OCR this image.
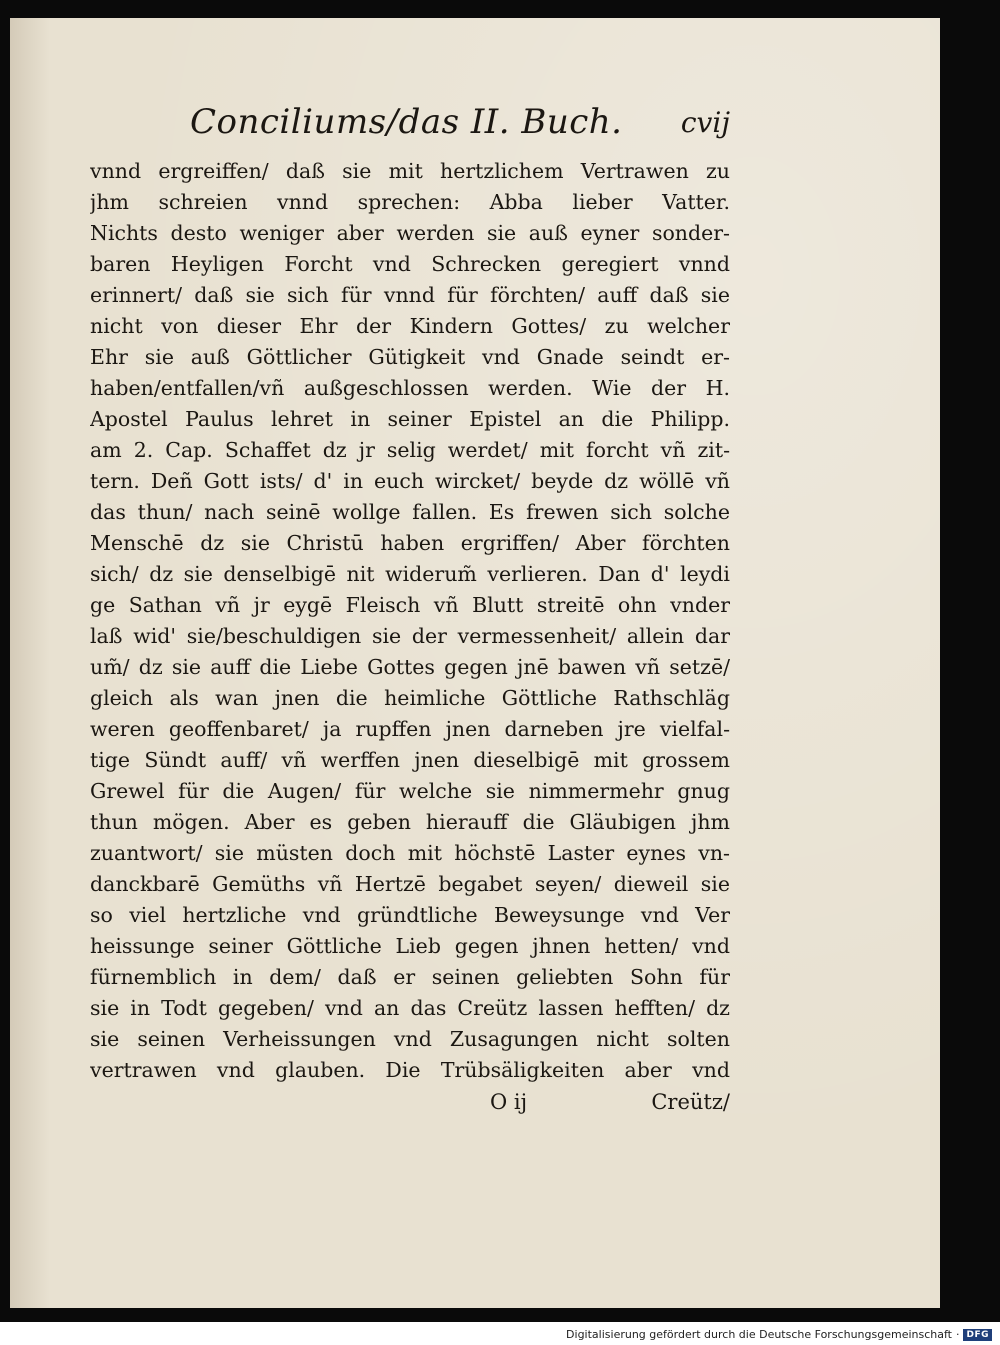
Conciliums/das II. Buch. cvij
vnnd ergreiffen/ daß sie mit hertzlichem Vertrawen zu
jhm schreien vnnd sprechen: Abba lieber Vatter.
Nichts desto weniger aber werden sie auß eyner sonder-
baren Heyligen Forcht vnd Schrecken geregiert vnnd
erinnert/ daß sie sich für vnnd für förchten/ auff daß sie
nicht von dieser Ehr der Kindern Gottes/ zu welcher
Ehr sie auß Göttlicher Gütigkeit vnd Gnade seindt er-
haben/entfallen/vñ außgeschlossen werden. Wie der H.
Apostel Paulus lehret in seiner Epistel an die Philipp.
am 2. Cap. Schaffet dz jr selig werdet/ mit forcht vñ zit-
tern. Deñ Gott ists/ d' in euch wircket/ beyde dz wöllē vñ
das thun/ nach seinē wollge fallen. Es frewen sich solche
Menschē dz sie Christū haben ergriffen/ Aber förchten
sich/ dz sie denselbigē nit widerum̃ verlieren. Dan d' leydi
ge Sathan vñ jr eygē Fleisch vñ Blutt streitē ohn vnder
laß wid' sie/beschuldigen sie der vermessenheit/ allein dar
um̃/ dz sie auff die Liebe Gottes gegen jnē bawen vñ setzē/
gleich als wan jnen die heimliche Göttliche Rathschläg
weren geoffenbaret/ ja rupffen jnen darneben jre vielfal-
tige Sündt auff/ vñ werffen jnen dieselbigē mit grossem
Grewel für die Augen/ für welche sie nimmermehr gnug
thun mögen. Aber es geben hierauff die Gläubigen jhm
zuantwort/ sie müsten doch mit höchstē Laster eynes vn-
danckbarē Gemüths vñ Hertzē begabet seyen/ dieweil sie
so viel hertzliche vnd gründtliche Beweysunge vnd Ver
heissunge seiner Göttliche Lieb gegen jhnen hetten/ vnd
fürnemblich in dem/ daß er seinen geliebten Sohn für
sie in Todt gegeben/ vnd an das Creütz lassen hefften/ dz
sie seinen Verheissungen vnd Zusagungen nicht solten
vertrawen vnd glauben. Die Trübsäligkeiten aber vnd
O ij	Creütz/
Digitalisierung gefördert durch die Deutsche Forschungsgemeinschaft · DFG
